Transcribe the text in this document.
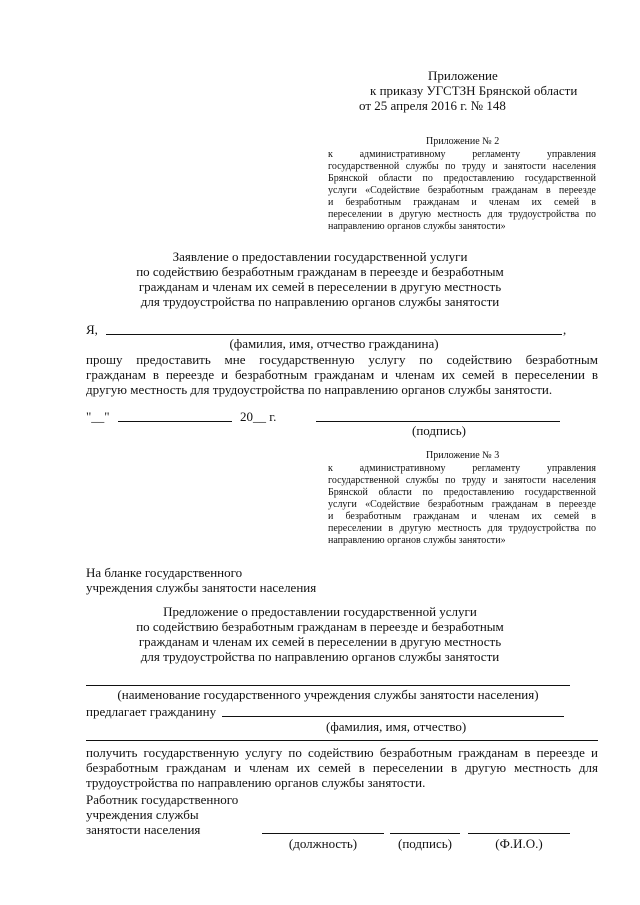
Приложение
к приказу УГСТЗН Брянской области
от 25 апреля 2016 г. № 148
Приложение № 2
к административному регламенту управления
государственной службы по труду и занятости населения
Брянской области по предоставлению государственной
услуги «Содействие безработным гражданам в переезде
и безработным гражданам и членам их семей в
переселении в другую местность для трудоустройства по
направлению органов службы занятости»
Заявление о предоставлении государственной услуги
по содействию безработным гражданам в переезде и безработным
гражданам и членам их семей в переселении в другую местность
для трудоустройства по направлению органов службы занятости
Я,	,
(фамилия, имя, отчество гражданина)
прошу предоставить мне государственную услугу по содействию безработным
гражданам в переезде и безработным гражданам и членам их семей в переселении в
другую местность для трудоустройства по направлению органов службы занятости.
"__"	20__ г.
(подпись)
Приложение № 3
к административному регламенту управления
государственной службы по труду и занятости населения
Брянской области по предоставлению государственной
услуги «Содействие безработным гражданам в переезде
и безработным гражданам и членам их семей в
переселении в другую местность для трудоустройства по
направлению органов службы занятости»
На бланке государственного
учреждения службы занятости населения
Предложение о предоставлении государственной услуги
по содействию безработным гражданам в переезде и безработным
гражданам и членам их семей в переселении в другую местность
для трудоустройства по направлению органов службы занятости
(наименование государственного учреждения службы занятости населения)
предлагает гражданину
(фамилия, имя, отчество)
получить государственную услугу по содействию безработным гражданам в переезде и
безработным гражданам и членам их семей в переселении в другую местность для
трудоустройства по направлению органов службы занятости.
Работник государственного
учреждения службы
занятости населения
(должность)	(подпись)	(Ф.И.О.)
